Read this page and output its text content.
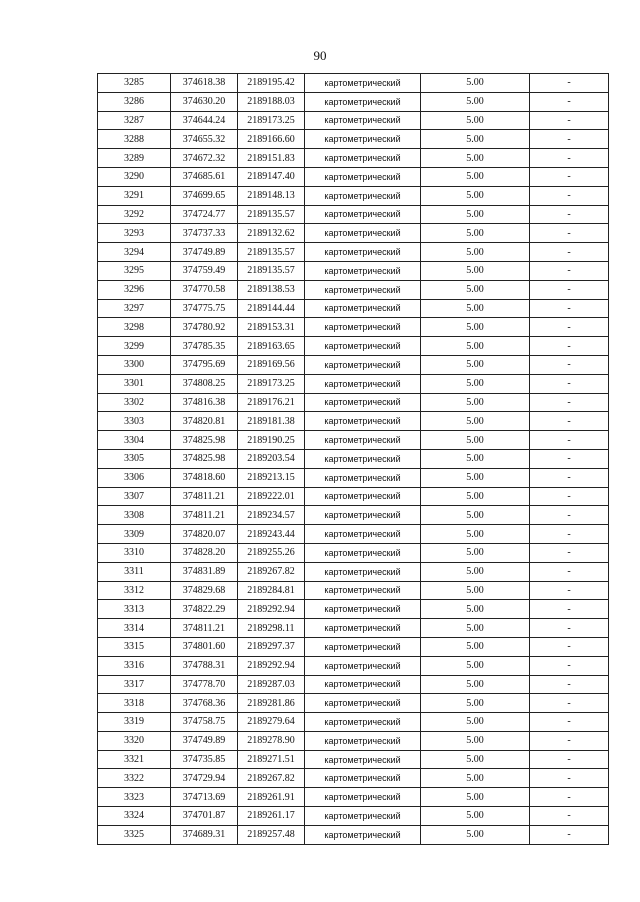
90
3285	374618.38	2189195.42	картометрический	5.00	-
3286	374630.20	2189188.03	картометрический	5.00	-
3287	374644.24	2189173.25	картометрический	5.00	-
3288	374655.32	2189166.60	картометрический	5.00	-
3289	374672.32	2189151.83	картометрический	5.00	-
3290	374685.61	2189147.40	картометрический	5.00	-
3291	374699.65	2189148.13	картометрический	5.00	-
3292	374724.77	2189135.57	картометрический	5.00	-
3293	374737.33	2189132.62	картометрический	5.00	-
3294	374749.89	2189135.57	картометрический	5.00	-
3295	374759.49	2189135.57	картометрический	5.00	-
3296	374770.58	2189138.53	картометрический	5.00	-
3297	374775.75	2189144.44	картометрический	5.00	-
3298	374780.92	2189153.31	картометрический	5.00	-
3299	374785.35	2189163.65	картометрический	5.00	-
3300	374795.69	2189169.56	картометрический	5.00	-
3301	374808.25	2189173.25	картометрический	5.00	-
3302	374816.38	2189176.21	картометрический	5.00	-
3303	374820.81	2189181.38	картометрический	5.00	-
3304	374825.98	2189190.25	картометрический	5.00	-
3305	374825.98	2189203.54	картометрический	5.00	-
3306	374818.60	2189213.15	картометрический	5.00	-
3307	374811.21	2189222.01	картометрический	5.00	-
3308	374811.21	2189234.57	картометрический	5.00	-
3309	374820.07	2189243.44	картометрический	5.00	-
3310	374828.20	2189255.26	картометрический	5.00	-
3311	374831.89	2189267.82	картометрический	5.00	-
3312	374829.68	2189284.81	картометрический	5.00	-
3313	374822.29	2189292.94	картометрический	5.00	-
3314	374811.21	2189298.11	картометрический	5.00	-
3315	374801.60	2189297.37	картометрический	5.00	-
3316	374788.31	2189292.94	картометрический	5.00	-
3317	374778.70	2189287.03	картометрический	5.00	-
3318	374768.36	2189281.86	картометрический	5.00	-
3319	374758.75	2189279.64	картометрический	5.00	-
3320	374749.89	2189278.90	картометрический	5.00	-
3321	374735.85	2189271.51	картометрический	5.00	-
3322	374729.94	2189267.82	картометрический	5.00	-
3323	374713.69	2189261.91	картометрический	5.00	-
3324	374701.87	2189261.17	картометрический	5.00	-
3325	374689.31	2189257.48	картометрический	5.00	-
